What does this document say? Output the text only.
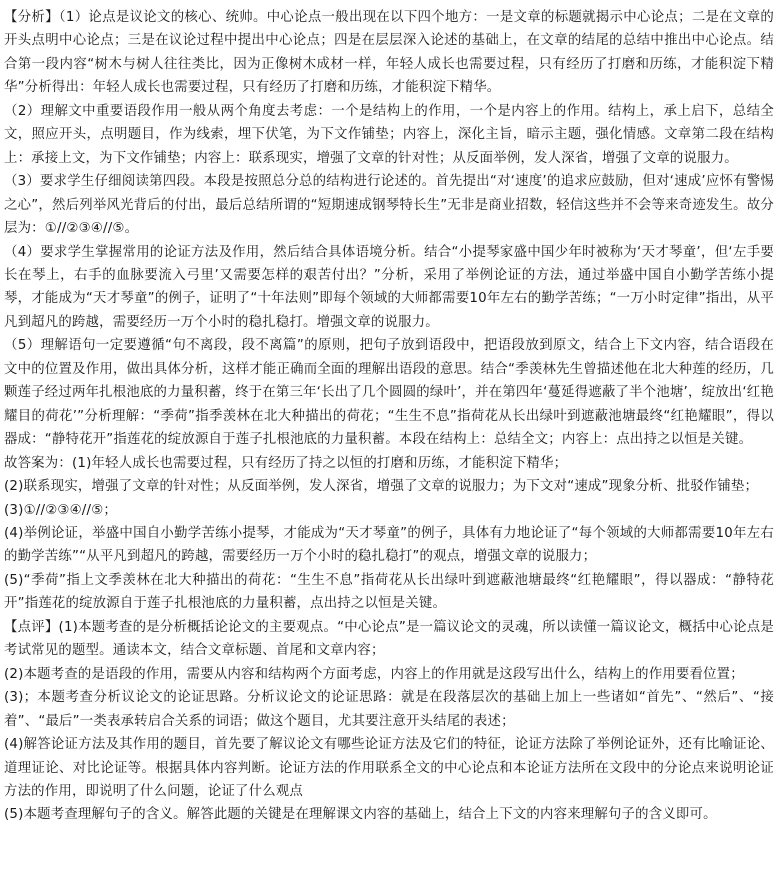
【分析】（1）论点是议论文的核心、统帅。中心论点一般出现在以下四个地方：一是文章的标题就揭示中心论点；二是在文章的开头点明中心论点；三是在议论过程中提出中心论点；四是在层层深入论述的基础上，在文章的结尾的总结中推出中心论点。结合第一段内容“树木与树人往往类比，因为正像树木成材一样，年轻人成长也需要过程，只有经历了打磨和历练，才能积淀下精华”分析得出：年轻人成长也需要过程，只有经历了打磨和历练，才能积淀下精华。

（2）理解文中重要语段作用一般从两个角度去考虑：一个是结构上的作用，一个是内容上的作用。结构上，承上启下，总结全文，照应开头，点明题目，作为线索，埋下伏笔，为下文作铺垫；内容上，深化主旨，暗示主题，强化情感。文章第二段在结构上：承接上文，为下文作铺垫；内容上：联系现实，增强了文章的针对性；从反面举例，发人深省，增强了文章的说服力。

（3）要求学生仔细阅读第四段。本段是按照总分总的结构进行论述的。首先提出“对‘速度’的追求应鼓励，但对‘速成’应怀有警惕之心”，然后列举风光背后的付出，最后总结所谓的“短期速成钢琴特长生”无非是商业招数，轻信这些并不会等来奇迹发生。故分层为：①//②③④//⑤。

（4）要求学生掌握常用的论证方法及作用，然后结合具体语境分析。结合“小提琴家盛中国少年时被称为‘天才琴童’，但‘左手要长在琴上，右手的血脉要流入弓里’又需要怎样的艰苦付出？”分析，采用了举例论证的方法，通过举盛中国自小勤学苦练小提琴，才能成为“天才琴童”的例子，证明了“十年法则”即每个领域的大师都需要10年左右的勤学苦练；“一万小时定律”指出，从平凡到超凡的跨越，需要经历一万个小时的稳扎稳打。增强文章的说服力。

（5）理解语句一定要遵循“句不离段，段不离篇”的原则，把句子放到语段中，把语段放到原文，结合上下文内容，结合语段在文中的位置及作用，做出具体分析，这样才能正确而全面的理解出语段的意思。结合“季羡林先生曾描述他在北大种莲的经历，几颗莲子经过两年扎根池底的力量积蓄，终于在第三年‘长出了几个圆圆的绿叶’，并在第四年‘蔓延得遮蔽了半个池塘’，绽放出‘红艳耀目的荷花’”分析理解：“季荷”指季羡林在北大种描出的荷花；“生生不息”指荷花从长出绿叶到遮蔽池塘最终“红艳耀眼”，得以器成：“静特花开”指莲花的绽放源自于莲子扎根池底的力量积蓄。本段在结构上：总结全文；内容上：点出持之以恒是关键。

故答案为：(1)年轻人成长也需要过程，只有经历了持之以恒的打磨和历练，才能积淀下精华；

(2)联系现实，增强了文章的针对性；从反面举例，发人深省，增强了文章的说服力；为下文对“速成”现象分析、批驳作铺垫；

(3)①//②③④//⑤；

(4)举例论证，举盛中国自小勤学苦练小提琴，才能成为“天才琴童”的例子，具体有力地论证了“每个领域的大师都需要10年左右的勤学苦练”“从平凡到超凡的跨越，需要经历一万个小时的稳扎稳打”的观点，增强文章的说服力；

(5)“季荷”指上文季羡林在北大种描出的荷花：“生生不息”指荷花从长出绿叶到遮蔽池塘最终“红艳耀眼”，得以器成：“静特花开”指莲花的绽放源自于莲子扎根池底的力量积蓄，点出持之以恒是关键。

【点评】(1)本题考查的是分析概括论论文的主要观点。“中心论点”是一篇议论文的灵魂，所以读懂一篇议论文，概括中心论点是考试常见的题型。通读本文，结合文章标题、首尾和文章内容；

(2)本题考查的是语段的作用，需要从内容和结构两个方面考虑，内容上的作用就是这段写出什么，结构上的作用要看位置；

(3)；本题考查分析议论文的论证思路。分析议论文的论证思路：就是在段落层次的基础上加上一些诸如“首先”、“然后”、“接着”、“最后”一类表承转启合关系的词语；做这个题目，尤其要注意开头结尾的表述；

(4)解答论证方法及其作用的题目，首先要了解议论文有哪些论证方法及它们的特征，论证方法除了举例论证外，还有比喻证论、道理证论、对比论证等。根据具体内容判断。论证方法的作用联系全文的中心论点和本论证方法所在文段中的分论点来说明论证方法的作用，即说明了什么问题，论证了什么观点

(5)本题考查理解句子的含义。解答此题的关键是在理解课文内容的基础上，结合上下文的内容来理解句子的含义即可。
